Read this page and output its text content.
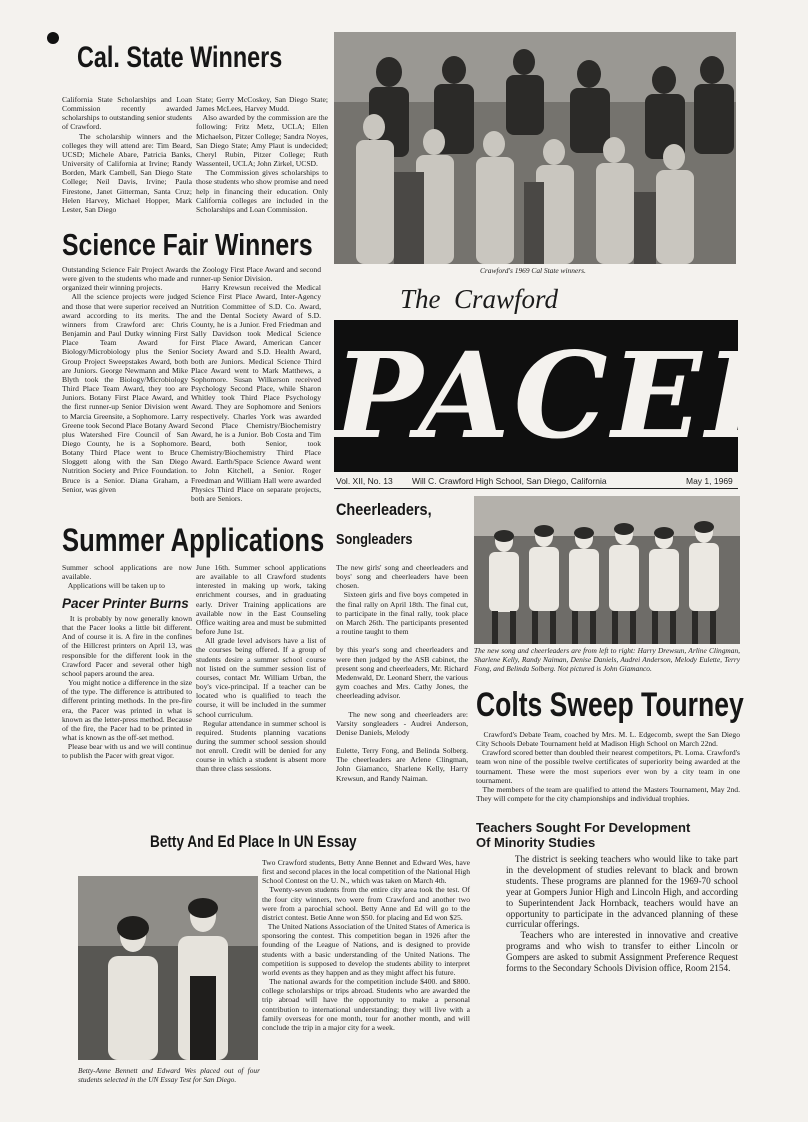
Cal. State Winners
California State Scholarships and Loan Commission recently awarded scholarships to outstanding senior students of Crawford.
The scholarship winners and the colleges they will attend are: Tim Beard, UCSD; Michele Abare, Patricia Banks, University of California at Irvine; Randy Borden, Mark Cambell, San Diego State College; Neil Davis, Irvine; Paula Firestone, Janet Gitterman, Santa Cruz; Helen Harvey, Michael Hopper, Mark Lester, San Diego
State; Gerry McCoskey, San Diego State; James McLees, Harvey Mudd.
Also awarded by the commission are the following: Fritz Metz, UCLA; Ellen Michaelson, Pitzer College; Sandra Noyes, San Diego State; Amy Plaut is undecided; Cheryl Rubin, Pitzer College; Ruth Wassenteil, UCLA; John Zirkel, UCSD.
The Commission gives scholarships to those students who show promise and need help in financing their education. Only California colleges are included in the Scholarships and Loan Commission.
Crawford's 1969 Cal State winners.
Science Fair Winners
Outstanding Science Fair Project Awards were given to the students who made and organized their winning projects.
All the science projects were judged and those that were superior received an award according to its merits. The winners from Crawford are: Chris Benjamin and Paul Dutky winning First Place Team Award for Biology/Microbiology plus the Senior Group Project Sweepstakes Award, both are Juniors. George Newmann and Mike Blyth took the Biology/Microbiology Third Place Team Award, they too are Juniors. Botany First Place Award, and the first runner-up Senior Division went to Marcia Greensite, a Sophomore. Larry Greene took Second Place Botany Award plus Watershed Fire Council of San Diego County, he is a Sophomore. Botany Third Place went to Bruce Sloggett along with the San Diego Nutrition Society and Price Foundation. Bruce is a Senior. Diana Graham, a Senior, was given
the Zoology First Place Award and second runner-up Senior Division.
Harry Krewsun received the Medical Science First Place Award, Inter-Agency Nutrition Committee of S.D. Co. Award, and the Dental Society Award of S.D. County, he is a Junior. Fred Friedman and Sally Davidson took Medical Science First Place Award, American Cancer Society Award and S.D. Health Award, both are Juniors. Medical Science Third Place Award went to Mark Matthews, a Sophomore. Susan Wilkerson received Psychology Second Place, while Sharon Whitley took Third Place Psychology Award. They are Sophomore and Seniors respectively. Charles York was awarded Second Place Chemistry/Biochemistry Award, he is a Junior. Bob Costa and Tim Beard, both Senior, took Chemistry/Biochemistry Third Place Award. Earth/Space Science Award went to John Kitchell, a Senior. Roger Freedman and William Hall were awarded Physics Third Place on separate projects, both are Seniors.
The  Crawford
PACER
Vol. XII, No. 13 Will C. Crawford High School, San Diego, California	May 1, 1969
Summer Applications
Summer school applications are now available.
Applications will be taken up to
June 16th. Summer school applications are available to all Crawford students interested in making up work, taking enrichment courses, and in graduating early. Driver Training applications are available now in the East Counseling Office waiting area and must be submitted before June 1st.
All grade level advisors have a list of the courses being offered. If a group of students desire a summer school course not listed on the summer session list of courses, contact Mr. William Urban, the boy's vice-principal. If a teacher can be located who is qualified to teach the course, it will be included in the summer school curriculum.
Regular attendance in summer school is required. Students planning vacations during the summer school session should not enroll. Credit will be denied for any course in which a student is absent more than three class sessions.
Pacer Printer Burns
It is probably by now generally known that the Pacer looks a little bit different. And of course it is. A fire in the confines of the Hillcrest printers on April 13, was responsible for the different look in the Crawford Pacer and several other high school papers around the area.
You might notice a difference in the size of the type. The difference is attributed to different printing methods. In the pre-fire era, the Pacer was printed in what is known as the letter-press method. Because of the fire, the Pacer had to be printed in what is known as the off-set method.
Please bear with us and we will continue to publish the Pacer with great vigor.
Cheerleaders,
Songleaders
The new girls' song and cheerleaders and boys' song and cheerleaders have been chosen.
Sixteen girls and five boys competed in the final rally on April 18th. The final cut, to participate in the final rally, took place on March 26th. The participants presented a routine taught to them

by this year's song and cheerleaders and were then judged by the ASB cabinet, the present song and cheerleaders, Mr. Richard Medenwald, Dr. Leonard Sherr, the various gym coaches and Mrs. Cathy Jones, the cheerleading advisor.

The new song and cheerleaders are: Varsity songleaders - Audrei Anderson, Denise Daniels, Melody

Eulette, Terry Fong, and Belinda Solberg. The cheerleaders are Arlene Clingman, John Giamanco, Sharlene Kelly, Harry Krewsun, and Randy Naiman.
The new song and cheerleaders are from left to right: Harry Drewsun, Arline Clingman, Sharlene Kelly, Randy Naiman, Denise Daniels, Audrei Anderson, Melody Eulette, Terry Fong, and Belinda Solberg. Not pictured is John Giamanco.
Colts Sweep Tourney
Crawford's Debate Team, coached by Mrs. M. L. Edgecomb, swept the San Diego City Schools Debate Tournament held at Madison High School on March 22nd.
Crawford scored better than doubled their nearest competitors, Pt. Loma. Crawford's team won nine of the possible twelve certificates of superiority being awarded at the tournament. These were the most superiors ever won by a city team in one tournament.
The members of the team are qualified to attend the Masters Tournament, May 2nd. They will compete for the city championships and individual trophies.
Betty And Ed Place In UN Essay
Betty-Anne Bennett and Edward Wes placed out of four students selected in the UN Essay Test for San Diego.
Two Crawford students, Betty Anne Bennet and Edward Wes, have first and second places in the local competition of the National High School Contest on the U. N., which was taken on March 4th.
Twenty-seven students from the entire city area took the test. Of the four city winners, two were from Crawford and another two were from a parochial school. Betty Anne and Ed will go to the district contest. Betie Anne won $50. for placing and Ed won $25.
The United Nations Association of the United States of America is sponsoring the contest. This competition began in 1926 after the founding of the League of Nations, and is designed to provide students with a basic understanding of the United Nations. The competition is supposed to develop the students ability to interpret world events as they happen and as they might affect his future.
The national awards for the competition include $400. and $800. college scholarships or trips abroad. Students who are awarded the trip abroad will have the opportunity to make a personal contribution to international understanding; they will live with a family overseas for one month, tour for another month, and will conclude the trip in a major city for a week.
Teachers Sought For Development
Of Minority Studies
The district is seeking teachers who would like to take part in the development of studies relevant to black and brown students. These programs are planned for the 1969-70 school year at Gompers Junior High and Lincoln High, and according to Superintendent Jack Hornback, teachers would have an opportunity to participate in the advanced planning of these curricular offerings.
Teachers who are interested in innovative and creative programs and who wish to transfer to either Lincoln or Gompers are asked to submit Assignment Preference Request forms to the Secondary Schools Division office, Room 2154.
